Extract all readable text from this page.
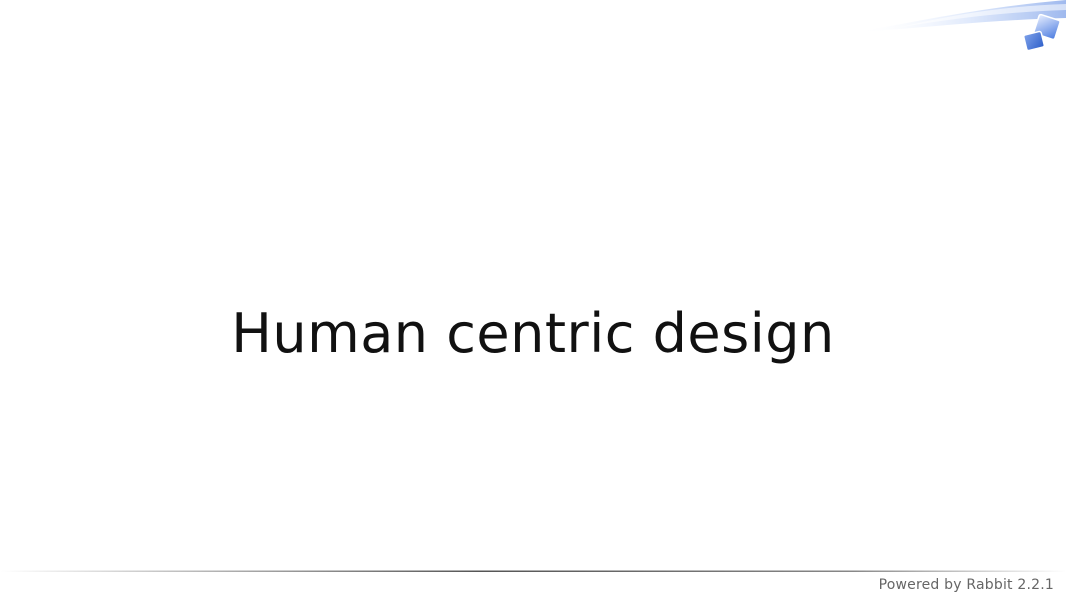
Human centric design
Powered by Rabbit 2.2.1
